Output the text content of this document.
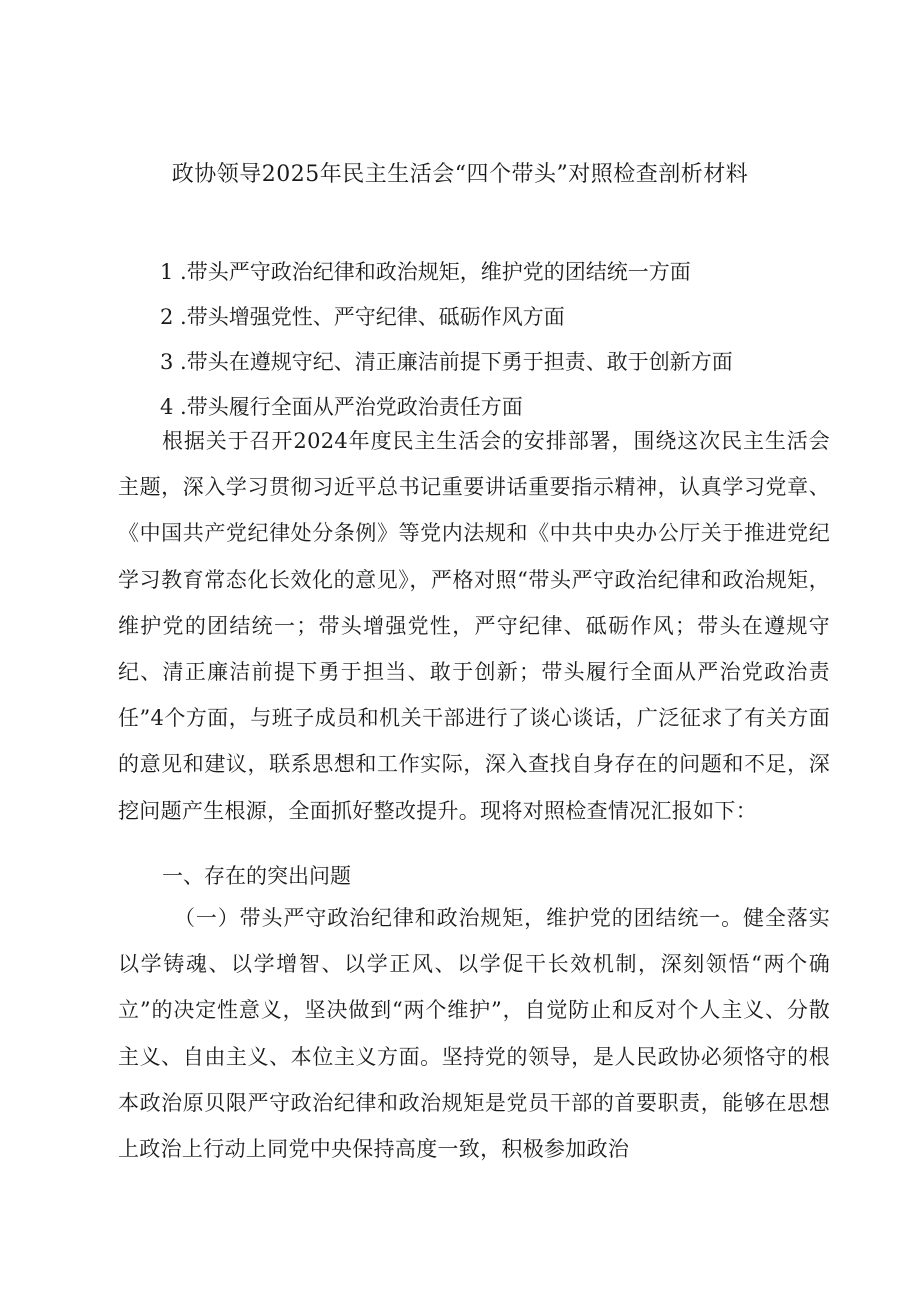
政协领导2025年民主生活会“四个带头”对照检查剖析材料
1 .带头严守政治纪律和政治规矩，维护党的团结统一方面
2 .带头增强党性、严守纪律、砥砺作风方面
3 .带头在遵规守纪、清正廉洁前提下勇于担责、敢于创新方面
4 .带头履行全面从严治党政治责任方面
根据关于召开2024年度民主生活会的安排部署，围绕这次民主生活会主题，深入学习贯彻习近平总书记重要讲话重要指示精神，认真学习党章、《中国共产党纪律处分条例》等党内法规和《中共中央办公厅关于推进党纪学习教育常态化长效化的意见》，严格对照“带头严守政治纪律和政治规矩，维护党的团结统一；带头增强党性，严守纪律、砥砺作风；带头在遵规守纪、清正廉洁前提下勇于担当、敢于创新；带头履行全面从严治党政治责任”4个方面，与班子成员和机关干部进行了谈心谈话，广泛征求了有关方面的意见和建议，联系思想和工作实际，深入查找自身存在的问题和不足，深挖问题产生根源，全面抓好整改提升。现将对照检查情况汇报如下：
一、存在的突出问题
（一）带头严守政治纪律和政治规矩，维护党的团结统一。健全落实以学铸魂、以学增智、以学正风、以学促干长效机制，深刻领悟“两个确立”的决定性意义，坚决做到“两个维护”，自觉防止和反对个人主义、分散主义、自由主义、本位主义方面。坚持党的领导，是人民政协必须恪守的根本政治原贝限严守政治纪律和政治规矩是党员干部的首要职责，能够在思想上政治上行动上同党中央保持高度一致，积极参加政治
